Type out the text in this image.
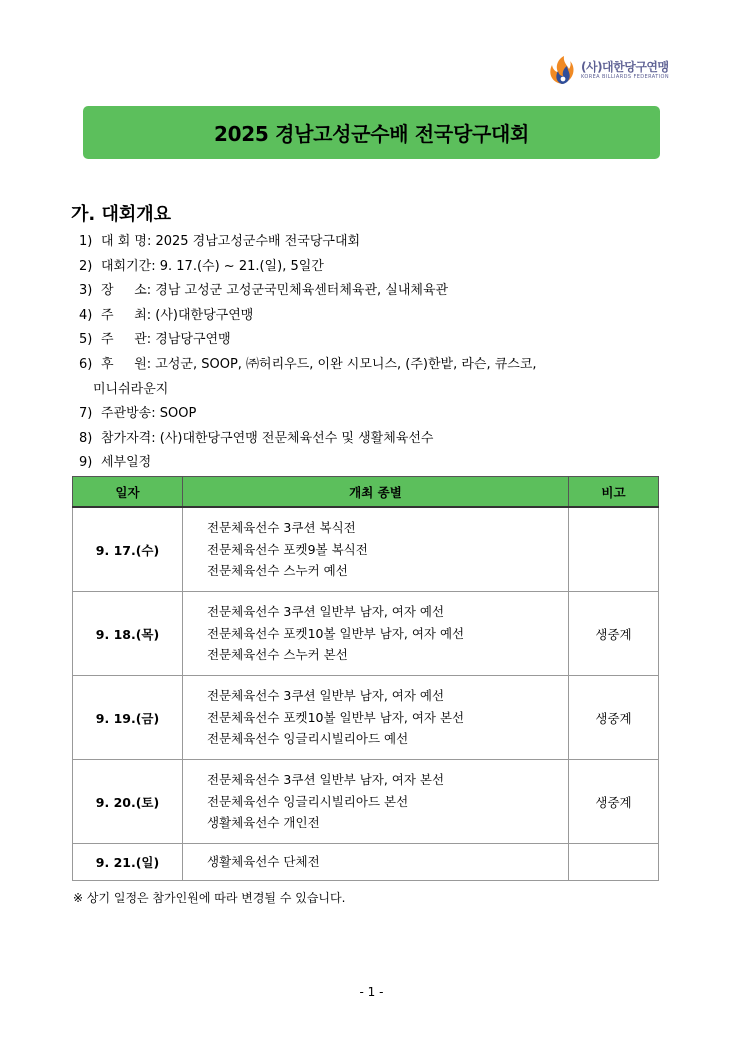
(사)대한당구연맹
KOREA BILLIARDS FEDERATION
2025 경남고성군수배 전국당구대회
가. 대회개요
1) 대 회 명: 2025 경남고성군수배 전국당구대회
2) 대회기간: 9. 17.(수) ~ 21.(일), 5일간
3) 장     소: 경남 고성군 고성군국민체육센터체육관, 실내체육관
4) 주     최: (사)대한당구연맹
5) 주     관: 경남당구연맹
6) 후     원: 고성군, SOOP, ㈜허리우드, 이완 시모니스, (주)한밭, 라슨, 큐스코,
미니쉬라운지
7) 주관방송: SOOP
8) 참가자격: (사)대한당구연맹 전문체육선수 및 생활체육선수
9) 세부일정
일자	개최 종별	비고
9. 17.(수)	전문체육선수 3쿠션 복식전
전문체육선수 포켓9볼 복식전
전문체육선수 스누커 예선	

9. 18.(목)	전문체육선수 3쿠션 일반부 남자, 여자 예선
전문체육선수 포켓10볼 일반부 남자, 여자 예선
전문체육선수 스누커 본선	생중계
9. 19.(금)	전문체육선수 3쿠션 일반부 남자, 여자 예선
전문체육선수 포켓10볼 일반부 남자, 여자 본선
전문체육선수 잉글리시빌리아드 예선	생중계
9. 20.(토)	전문체육선수 3쿠션 일반부 남자, 여자 본선
전문체육선수 잉글리시빌리아드 본선
생활체육선수 개인전	생중계
9. 21.(일)	생활체육선수 단체전	

※ 상기 일정은 참가인원에 따라 변경될 수 있습니다.
- 1 -
